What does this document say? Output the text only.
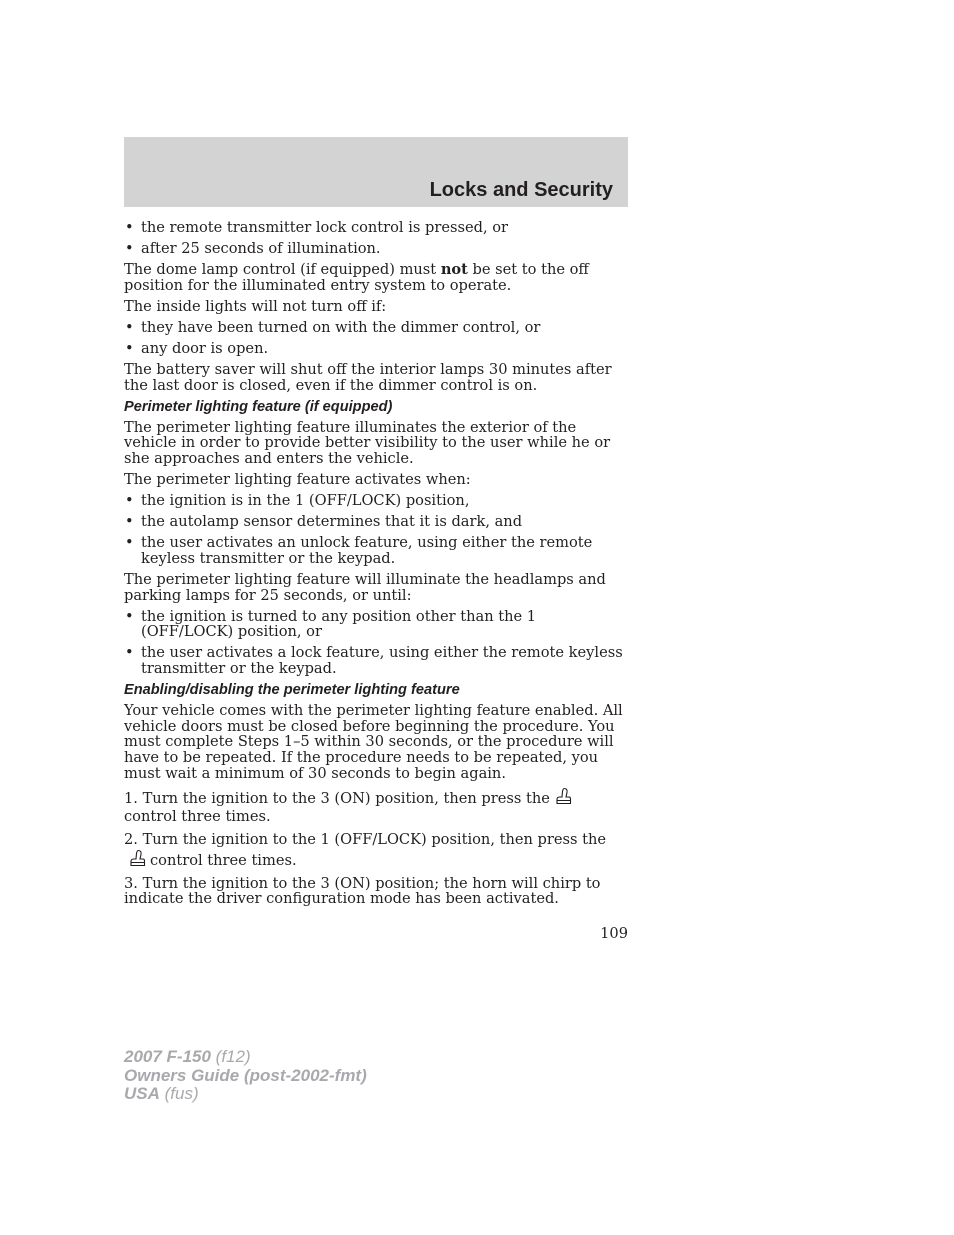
Locks and Security
• the remote transmitter lock control is pressed, or
• after 25 seconds of illumination.

The dome lamp control (if equipped) must not be set to the off position for the illuminated entry system to operate.

The inside lights will not turn off if:

• they have been turned on with the dimmer control, or
• any door is open.

The battery saver will shut off the interior lamps 30 minutes after the last door is closed, even if the dimmer control is on.

Perimeter lighting feature (if equipped)

The perimeter lighting feature illuminates the exterior of the vehicle in order to provide better visibility to the user while he or she approaches and enters the vehicle.

The perimeter lighting feature activates when:

• the ignition is in the 1 (OFF/LOCK) position,
• the autolamp sensor determines that it is dark, and
• the user activates an unlock feature, using either the remote keyless transmitter or the keypad.

The perimeter lighting feature will illuminate the headlamps and parking lamps for 25 seconds, or until:

• the ignition is turned to any position other than the 1 (OFF/LOCK) position, or
• the user activates a lock feature, using either the remote keyless transmitter or the keypad.
Enabling/disabling the perimeter lighting feature

Your vehicle comes with the perimeter lighting feature enabled. All vehicle doors must be closed before beginning the procedure. You must complete Steps 1–5 within 30 seconds, or the procedure will have to be repeated. If the procedure needs to be repeated, you must wait a minimum of 30 seconds to begin again.

1. Turn the ignition to the 3 (ON) position, then press thecontrol three times.

2. Turn the ignition to the 1 (OFF/LOCK) position, then press thecontrol three times.

3. Turn the ignition to the 3 (ON) position; the horn will chirp to indicate the driver configuration mode has been activated.

109
2007 F-150 (f12)
Owners Guide (post-2002-fmt)
USA (fus)
